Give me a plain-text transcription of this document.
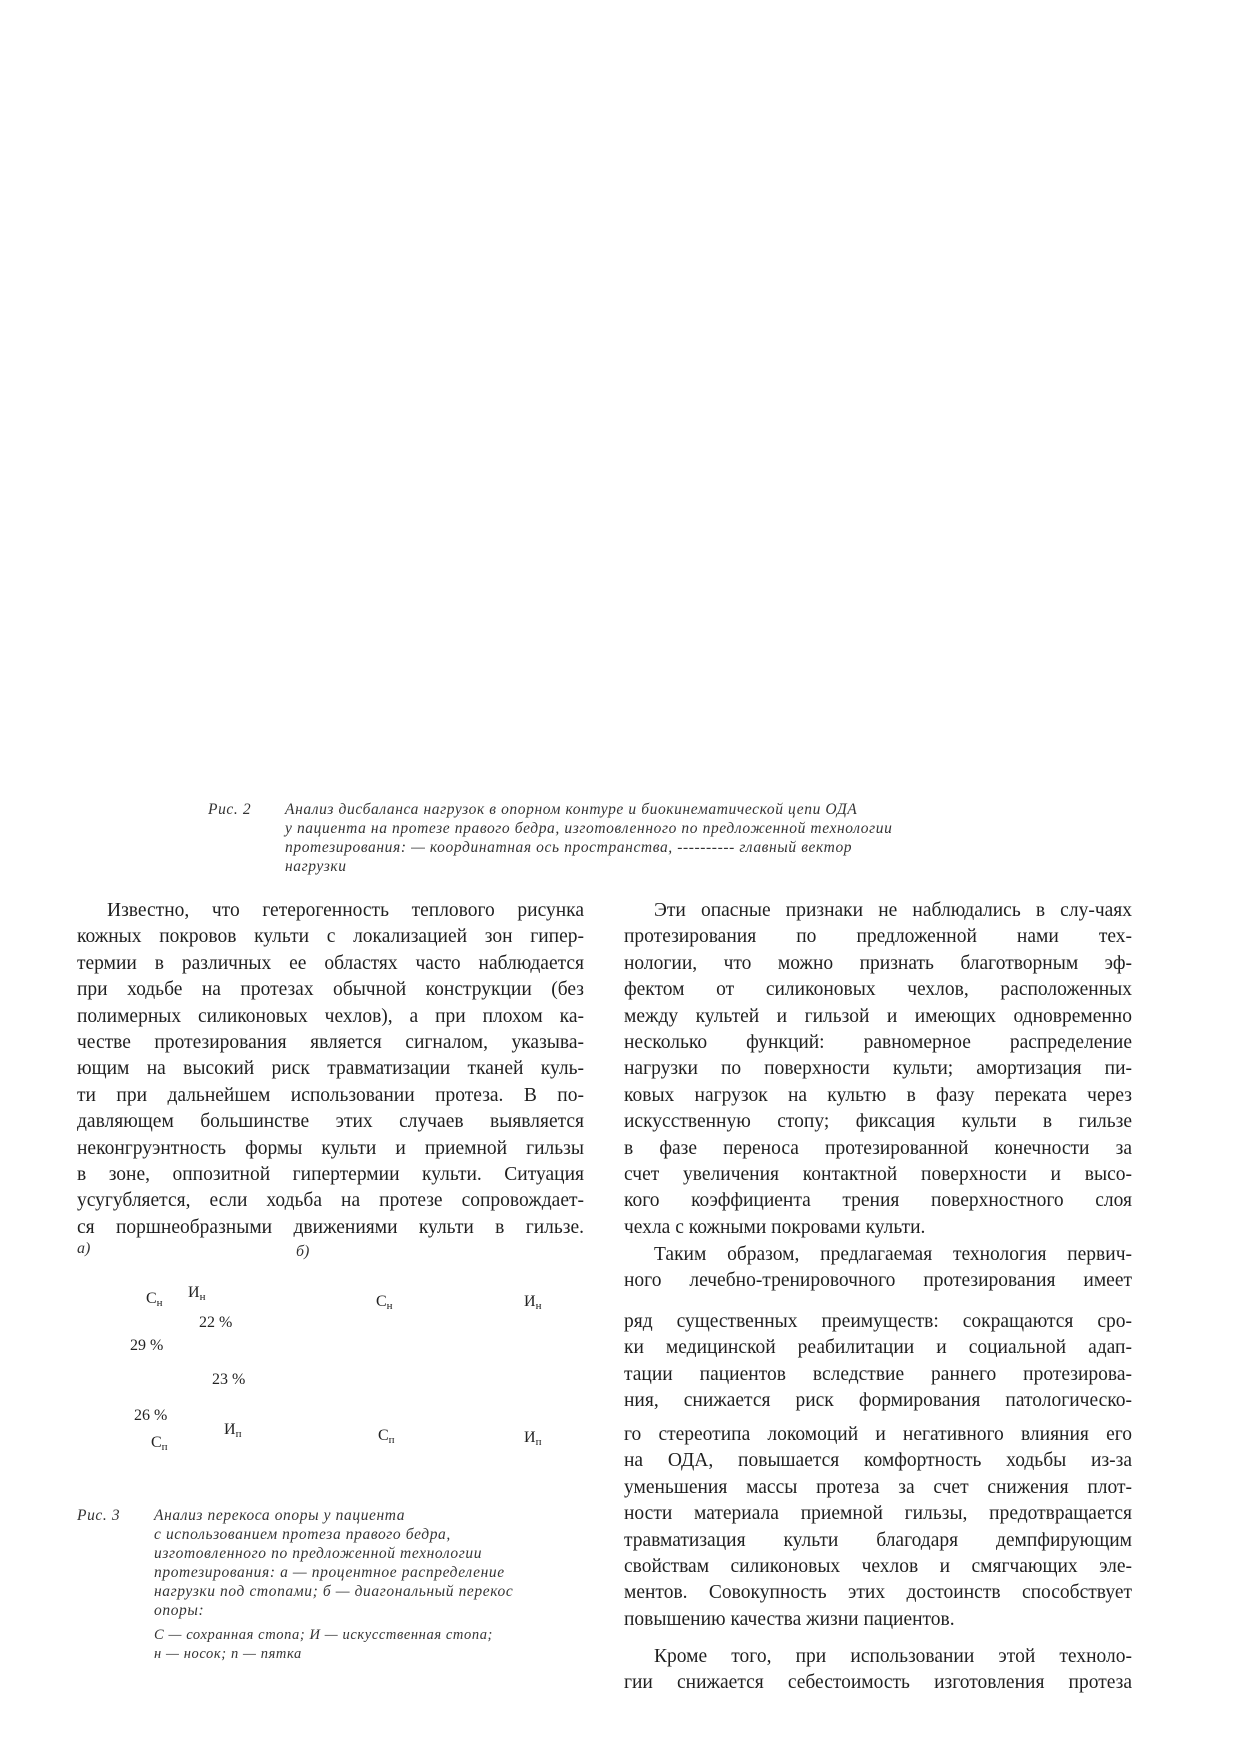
Рис. 2 Анализ дисбаланса нагрузок в опорном контуре и биокинематической цепи ОДА
у пациента на протезе правого бедра, изготовленного по предложенной технологии
протезирования: — координатная ось пространства, ---------- главный вектор
нагрузки
Известно, что гетерогенность теплового рисунка
кожных покровов культи с локализацией зон гипер-
термии в различных ее областях часто наблюдается
при ходьбе на протезах обычной конструкции (без
полимерных силиконовых чехлов), а при плохом ка-
честве протезирования является сигналом, указыва-
ющим на высокий риск травматизации тканей куль-
ти при дальнейшем использовании протеза. В по-
давляющем большинстве этих случаев выявляется
неконгруэнтность формы культи и приемной гильзы
в зоне, оппозитной гипертермии культи. Ситуация
усугубляется, если ходьба на протезе сопровождает-
ся поршнеобразными движениями культи в гильзе.
Эти опасные признаки не наблюдались в слу-чаях
протезирования по предложенной нами тех-
нологии, что можно признать благотворным эф-
фектом от силиконовых чехлов, расположенных
между культей и гильзой и имеющих одновременно
несколько функций: равномерное распределение
нагрузки по поверхности культи; амортизация пи-
ковых нагрузок на культю в фазу переката через
искусственную стопу; фиксация культи в гильзе
в фазе переноса протезированной конечности за
счет увеличения контактной поверхности и высо-
кого коэффициента трения поверхностного слоя
чехла с кожными покровами культи.
Таким образом, предлагаемая технология первич-
ного лечебно-тренировочного протезирования имеет
ряд существенных преимуществ: сокращаются сро-
ки медицинской реабилитации и социальной адап-
тации пациентов вследствие раннего протезирова-
ния, снижается риск формирования патологическо-
го стереотипа локомоций и негативного влияния его
на ОДА, повышается комфортность ходьбы из-за
уменьшения массы протеза за счет снижения плот-
ности материала приемной гильзы, предотвращается
травматизация культи благодаря демпфирующим
свойствам силиконовых чехлов и смягчающих эле-
ментов. Совокупность этих достоинств способствует
повышению качества жизни пациентов.
Кроме того, при использовании этой техноло-
гии снижается себестоимость изготовления протеза
а)	б)
$С_н$
$И_н$
22 %
29 %
23 %
26 %
$И_п$
$С_п$
$С_н$	$И_н$
$С_п$	$И_п$
Рис. 3 Анализ перекоса опоры у пациента
с использованием протеза правого бедра,
изготовленного по предложенной технологии
протезирования: а — процентное распределение
нагрузки под стопами; б — диагональный перекос
опоры:
С — сохранная стопа; И — искусственная стопа;
н — носок; п — пятка
